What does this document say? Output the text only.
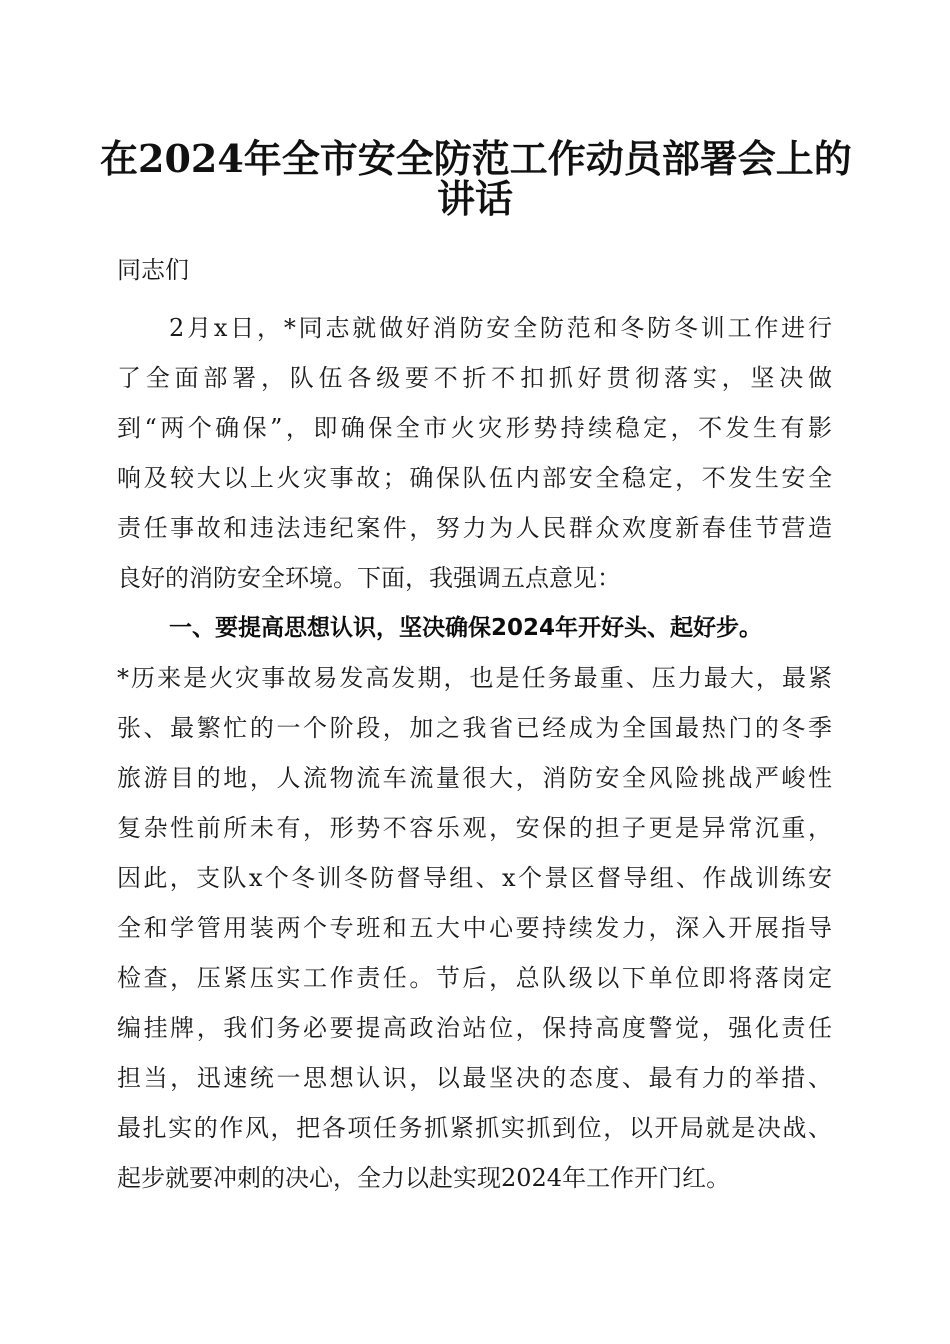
在2024年全市安全防范工作动员部署会上的
讲话
同志们
2月x日，*同志就做好消防安全防范和冬防冬训工作进行
了全面部署，队伍各级要不折不扣抓好贯彻落实，坚决做
到“两个确保”，即确保全市火灾形势持续稳定，不发生有影
响及较大以上火灾事故；确保队伍内部安全稳定，不发生安全
责任事故和违法违纪案件，努力为人民群众欢度新春佳节营造
良好的消防安全环境。下面，我强调五点意见：
一、要提高思想认识，坚决确保2024年开好头、起好步。
*历来是火灾事故易发高发期，也是任务最重、压力最大，最紧
张、最繁忙的一个阶段，加之我省已经成为全国最热门的冬季
旅游目的地，人流物流车流量很大，消防安全风险挑战严峻性
复杂性前所未有，形势不容乐观，安保的担子更是异常沉重，
因此，支队x个冬训冬防督导组、x个景区督导组、作战训练安
全和学管用装两个专班和五大中心要持续发力，深入开展指导
检查，压紧压实工作责任。节后，总队级以下单位即将落岗定
编挂牌，我们务必要提高政治站位，保持高度警觉，强化责任
担当，迅速统一思想认识，以最坚决的态度、最有力的举措、
最扎实的作风，把各项任务抓紧抓实抓到位，以开局就是决战、
起步就要冲刺的决心，全力以赴实现2024年工作开门红。
